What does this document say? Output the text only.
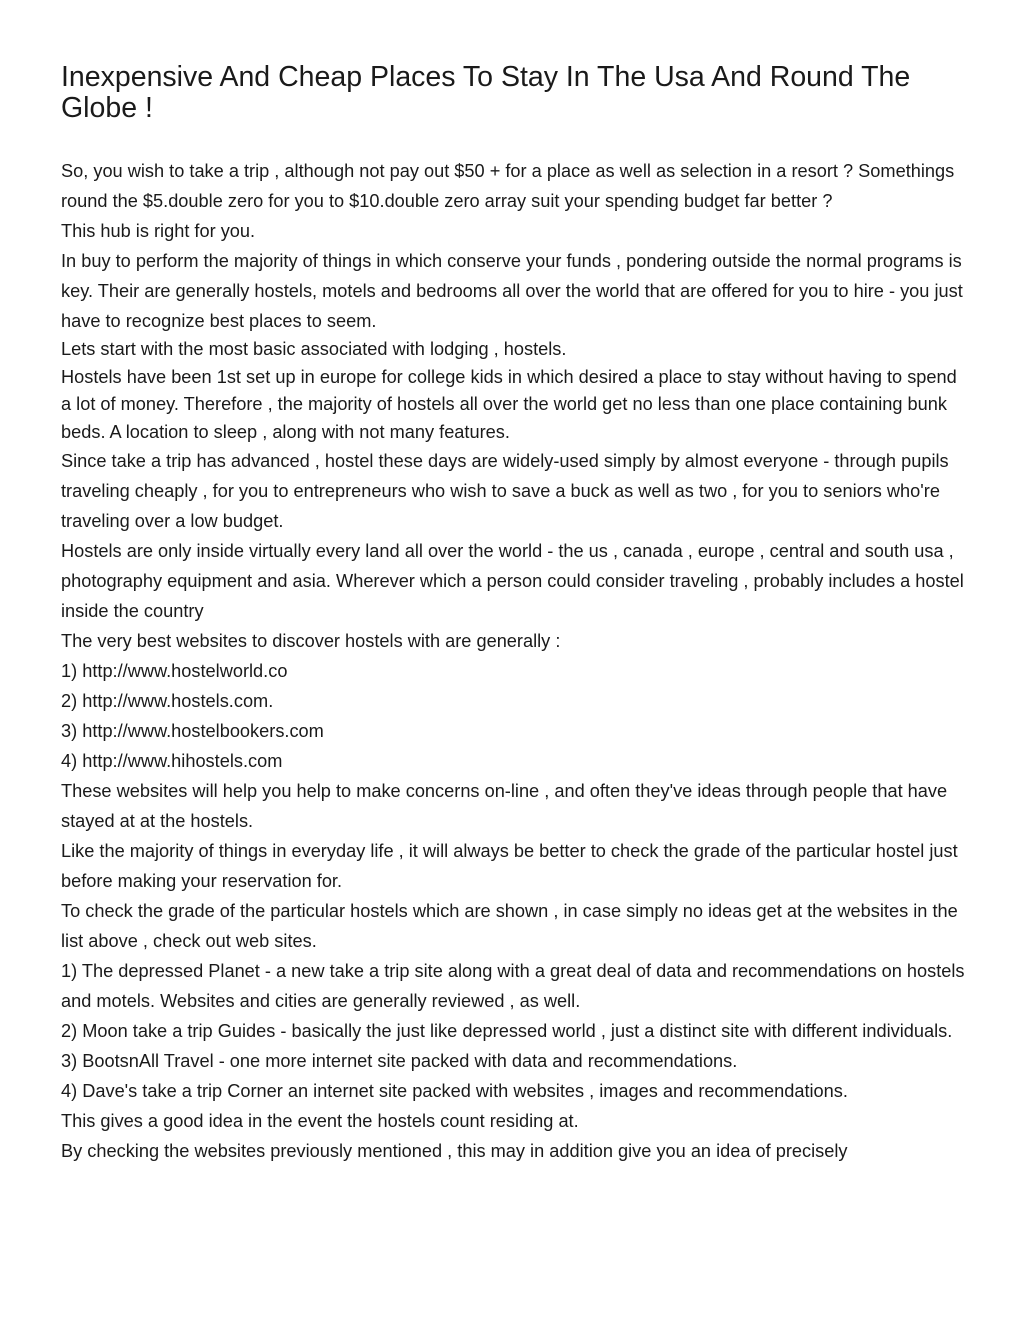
Inexpensive And Cheap Places To Stay In The Usa And Round The Globe !

So, you wish to take a trip , although not pay out $50 + for a place as well as selection in a resort ? Somethings round the $5.double zero for you to $10.double zero array suit your spending budget far better ?

This hub is right for you.

In buy to perform the majority of things in which conserve your funds , pondering outside the normal programs is key. Their are generally hostels, motels and bedrooms all over the world that are offered for you to hire - you just have to recognize best places to seem.

Lets start with the most basic associated with lodging , hostels.

Hostels have been 1st set up in europe for college kids in which desired a place to stay without having to spend a lot of money. Therefore , the majority of hostels all over the world get no less than one place containing bunk beds. A location to sleep , along with not many features.

Since take a trip has advanced , hostel these days are widely-used simply by almost everyone - through pupils traveling cheaply , for you to entrepreneurs who wish to save a buck as well as two , for you to seniors who're traveling over a low budget.

Hostels are only inside virtually every land all over the world - the us , canada , europe , central and south usa , photography equipment and asia. Wherever which a person could consider traveling , probably includes a hostel inside the country

The very best websites to discover hostels with are generally :

1) http://www.hostelworld.co

2) http://www.hostels.com.

3) http://www.hostelbookers.com

4) http://www.hihostels.com

These websites will help you help to make concerns on-line , and often they've ideas through people that have stayed at at the hostels.

Like the majority of things in everyday life , it will always be better to check the grade of the particular hostel just before making your reservation for.

To check the grade of the particular hostels which are shown , in case simply no ideas get at the websites in the list above , check out web sites.

1) The depressed Planet - a new take a trip site along with a great deal of data and recommendations on hostels and motels. Websites and cities are generally reviewed , as well.

2) Moon take a trip Guides - basically the just like depressed world , just a distinct site with different individuals.

3) BootsnAll Travel - one more internet site packed with data and recommendations.

4) Dave's take a trip Corner an internet site packed with websites , images and recommendations.

This gives a good idea in the event the hostels count residing at.

By checking the websites previously mentioned , this may in addition give you an idea of precisely
